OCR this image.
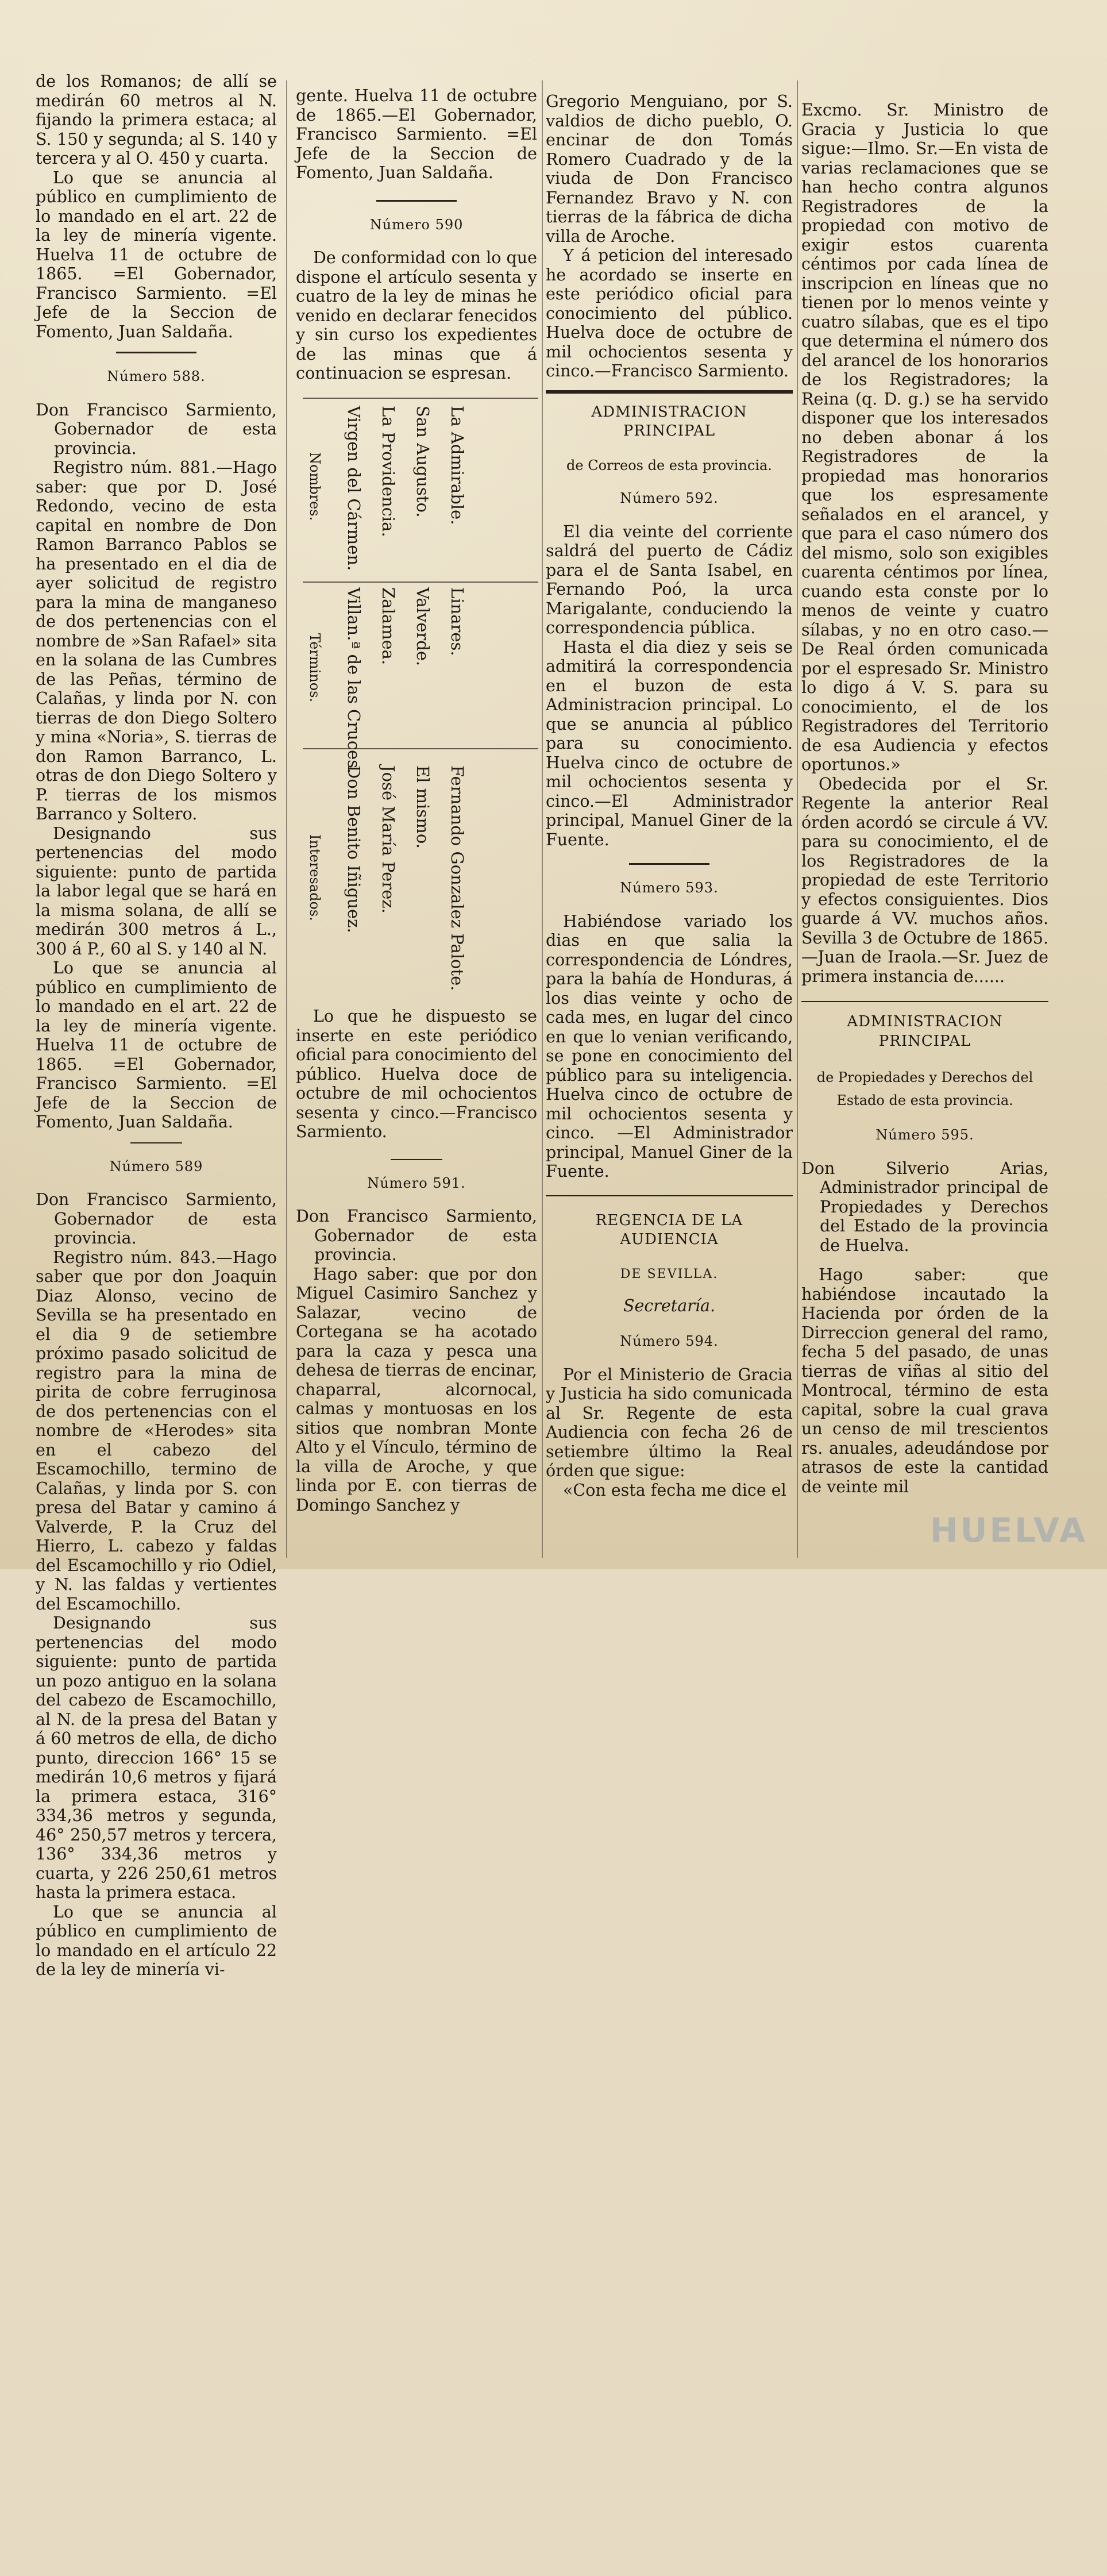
de los Romanos; de allí se medirán 60 metros al N. fijando la primera estaca; al S. 150 y segunda; al S. 140 y tercera y al O. 450 y cuarta.

Lo que se anuncia al público en cumplimiento de lo mandado en el art. 22 de la ley de minería vigente. Huelva 11 de octubre de 1865. =El Gobernador, Francisco Sarmiento. =El Jefe de la Seccion de Fomento, Juan Saldaña.

Número 588.

Don Francisco Sarmiento, Gobernador de esta provincia.

Registro núm. 881.—Hago saber: que por D. José Redondo, vecino de esta capital en nombre de Don Ramon Barranco Pablos se ha presentado en el dia de ayer solicitud de registro para la mina de manganeso de dos pertenencias con el nombre de »San Rafael» sita en la solana de las Cumbres de las Peñas, término de Calañas, y linda por N. con tierras de don Diego Soltero y mina «Noria», S. tierras de don Ramon Barranco, L. otras de don Diego Soltero y P. tierras de los mismos Barranco y Soltero.

Designando sus pertenencias del modo siguiente: punto de partida la labor legal que se hará en la misma solana, de allí se medirán 300 metros á L., 300 á P., 60 al S. y 140 al N.

Lo que se anuncia al público en cumplimiento de lo mandado en el art. 22 de la ley de minería vigente. Huelva 11 de octubre de 1865. =El Gobernador, Francisco Sarmiento. =El Jefe de la Seccion de Fomento, Juan Saldaña.

Número 589

Don Francisco Sarmiento, Gobernador de esta provincia.

Registro núm. 843.—Hago saber que por don Joaquin Diaz Alonso, vecino de Sevilla se ha presentado en el dia 9 de setiembre próximo pasado solicitud de registro para la mina de pirita de cobre ferruginosa de dos pertenencias con el nombre de «Herodes» sita en el cabezo del Escamochillo, termino de Calañas, y linda por S. con presa del Batar y camino á Valverde, P. la Cruz del Hierro, L. cabezo y faldas del Escamochillo y rio Odiel, y N. las faldas y vertientes del Escamochillo.

Designando sus pertenencias del modo siguiente: punto de partida un pozo antiguo en la solana del cabezo de Escamochillo, al N. de la presa del Batan y á 60 metros de ella, de dicho punto, direccion 166° 15 se medirán 10,6 metros y fijará la primera estaca, 316° 334,36 metros y segunda, 46° 250,57 metros y tercera, 136° 334,36 metros y cuarta, y 226 250,61 metros hasta la primera estaca.

Lo que se anuncia al público en cumplimiento de lo mandado en el artículo 22 de la ley de minería vi-

gente. Huelva 11 de octubre de 1865.—El Gobernador, Francisco Sarmiento. =El Jefe de la Seccion de Fomento, Juan Saldaña.

Número 590

De conformidad con lo que dispone el artículo sesenta y cuatro de la ley de minas he venido en declarar fenecidos y sin curso los expedientes de las minas que á continuacion se espresan.

Nombres.
Términos.
Interesados.
Virgen del Cármen.
Villan.ª de las Cruces.
Don Benito Iñiguez.
La Providencia.
Zalamea.
José María Perez.
San Augusto.
Valverde.
El mismo.
La Admirable.
Linares.
Fernando Gonzalez Palote.

Lo que he dispuesto se inserte en este periódico oficial para conocimiento del público. Huelva doce de octubre de mil ochocientos sesenta y cinco.—Francisco Sarmiento.

Número 591.

Don Francisco Sarmiento, Gobernador de esta provincia.

Hago saber: que por don Miguel Casimiro Sanchez y Salazar, vecino de Cortegana se ha acotado para la caza y pesca una dehesa de tierras de encinar, chaparral, alcornocal, calmas y montuosas en los sitios que nombran Monte Alto y el Vínculo, término de la villa de Aroche, y que linda por E. con tierras de Domingo Sanchez y

Gregorio Menguiano, por S. valdios de dicho pueblo, O. encinar de don Tomás Romero Cuadrado y de la viuda de Don Francisco Fernandez Bravo y N. con tierras de la fábrica de dicha villa de Aroche.

Y á peticion del interesado he acordado se inserte en este periódico oficial para conocimiento del público. Huelva doce de octubre de mil ochocientos sesenta y cinco.—Francisco Sarmiento.

ADMINISTRACION PRINCIPAL

de Correos de esta provincia.

Número 592.

El dia veinte del corriente saldrá del puerto de Cádiz para el de Santa Isabel, en Fernando Poó, la urca Marigalante, conduciendo la correspondencia pública.

Hasta el dia diez y seis se admitirá la correspondencia en el buzon de esta Administracion principal. Lo que se anuncia al público para su conocimiento. Huelva cinco de octubre de mil ochocientos sesenta y cinco.—El Administrador principal, Manuel Giner de la Fuente.

Número 593.

Habiéndose variado los dias en que salia la correspondencia de Lóndres, para la bahía de Honduras, á los dias veinte y ocho de cada mes, en lugar del cinco en que lo venian verificando, se pone en conocimiento del público para su inteligencia. Huelva cinco de octubre de mil ochocientos sesenta y cinco. —El Administrador principal, Manuel Giner de la Fuente.

REGENCIA DE LA AUDIENCIA

DE SEVILLA.

Secretaría.

Número 594.

Por el Ministerio de Gracia y Justicia ha sido comunicada al Sr. Regente de esta Audiencia con fecha 26 de setiembre último la Real órden que sigue:

«Con esta fecha me dice el

Excmo. Sr. Ministro de Gracia y Justicia lo que sigue:—Ilmo. Sr.—En vista de varias reclamaciones que se han hecho contra algunos Registradores de la propiedad con motivo de exigir estos cuarenta céntimos por cada línea de inscripcion en líneas que no tienen por lo menos veinte y cuatro sílabas, que es el tipo que determina el número dos del arancel de los honorarios de los Registradores; la Reina (q. D. g.) se ha servido disponer que los interesados no deben abonar á los Registradores de la propiedad mas honorarios que los espresamente señalados en el arancel, y que para el caso número dos del mismo, solo son exigibles cuarenta céntimos por línea, cuando esta conste por lo menos de veinte y cuatro sílabas, y no en otro caso.—De Real órden comunicada por el espresado Sr. Ministro lo digo á V. S. para su conocimiento, el de los Registradores del Territorio de esa Audiencia y efectos oportunos.»

Obedecida por el Sr. Regente la anterior Real órden acordó se circule á VV. para su conocimiento, el de los Registradores de la propiedad de este Territorio y efectos consiguientes. Dios guarde á VV. muchos años. Sevilla 3 de Octubre de 1865.—Juan de Iraola.—Sr. Juez de primera instancia de......

ADMINISTRACION PRINCIPAL

de Propiedades y Derechos del Estado de esta provincia.

Número 595.

Don Silverio Arias, Administrador principal de Propiedades y Derechos del Estado de la provincia de Huelva.

Hago saber: que habiéndose incautado la Hacienda por órden de la Dirreccion general del ramo, fecha 5 del pasado, de unas tierras de viñas al sitio del Montrocal, término de esta capital, sobre la cual grava un censo de mil trescientos rs. anuales, adeudándose por atrasos de este la cantidad de veinte mil

HUELVA
